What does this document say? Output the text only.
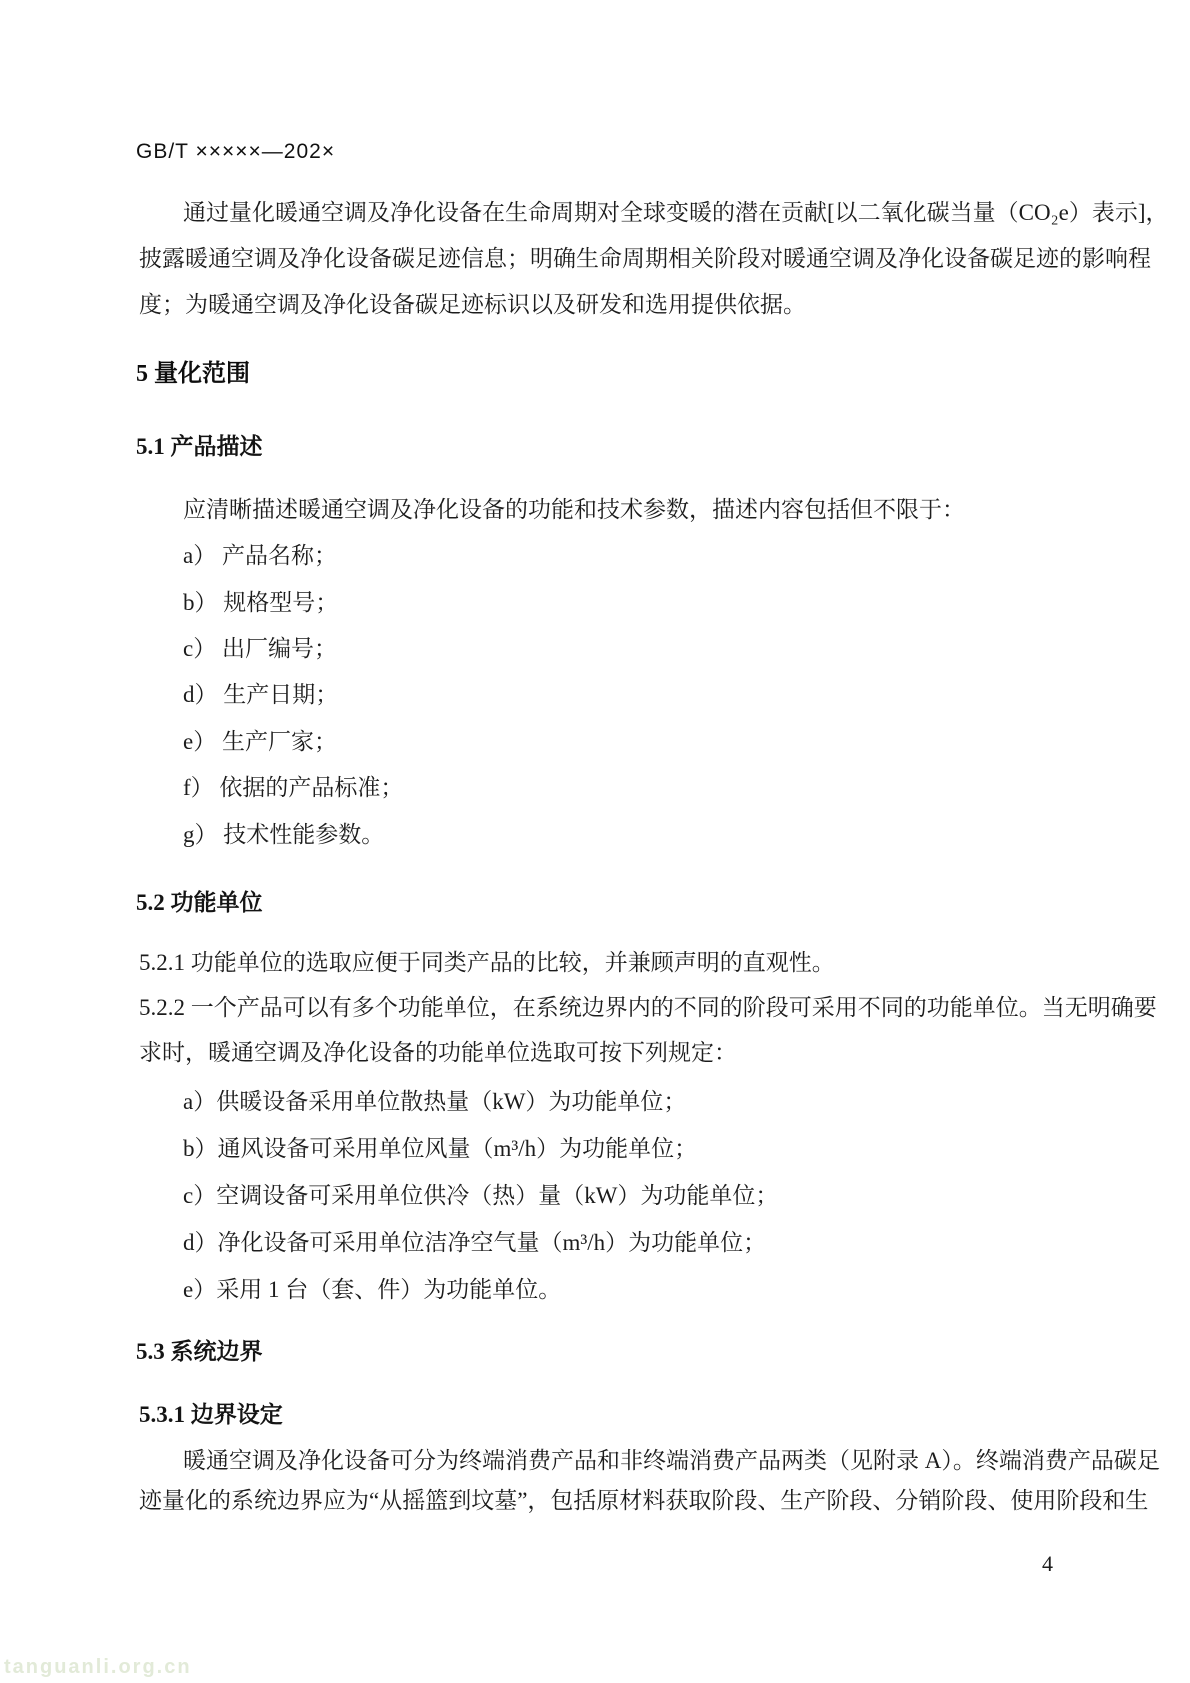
GB/T ×××××—202×
通过量化暖通空调及净化设备在生命周期对全球变暖的潜在贡献[以二氧化碳当量（CO₂e）表示]，
披露暖通空调及净化设备碳足迹信息；明确生命周期相关阶段对暖通空调及净化设备碳足迹的影响程
度；为暖通空调及净化设备碳足迹标识以及研发和选用提供依据。
5 量化范围
5.1 产品描述
应清晰描述暖通空调及净化设备的功能和技术参数，描述内容包括但不限于：
a） 产品名称；
b） 规格型号；
c） 出厂编号；
d） 生产日期；
e） 生产厂家；
f） 依据的产品标准；
g） 技术性能参数。
5.2 功能单位
5.2.1 功能单位的选取应便于同类产品的比较，并兼顾声明的直观性。
5.2.2 一个产品可以有多个功能单位，在系统边界内的不同的阶段可采用不同的功能单位。当无明确要
求时，暖通空调及净化设备的功能单位选取可按下列规定：
a）供暖设备采用单位散热量（kW）为功能单位；
b）通风设备可采用单位风量（m³/h）为功能单位；
c）空调设备可采用单位供冷（热）量（kW）为功能单位；
d）净化设备可采用单位洁净空气量（m³/h）为功能单位；
e）采用 1 台（套、件）为功能单位。
5.3 系统边界
5.3.1 边界设定
暖通空调及净化设备可分为终端消费产品和非终端消费产品两类（见附录 A）。终端消费产品碳足
迹量化的系统边界应为“从摇篮到坟墓”，包括原材料获取阶段、生产阶段、分销阶段、使用阶段和生
4
tanguanli.org.cn
